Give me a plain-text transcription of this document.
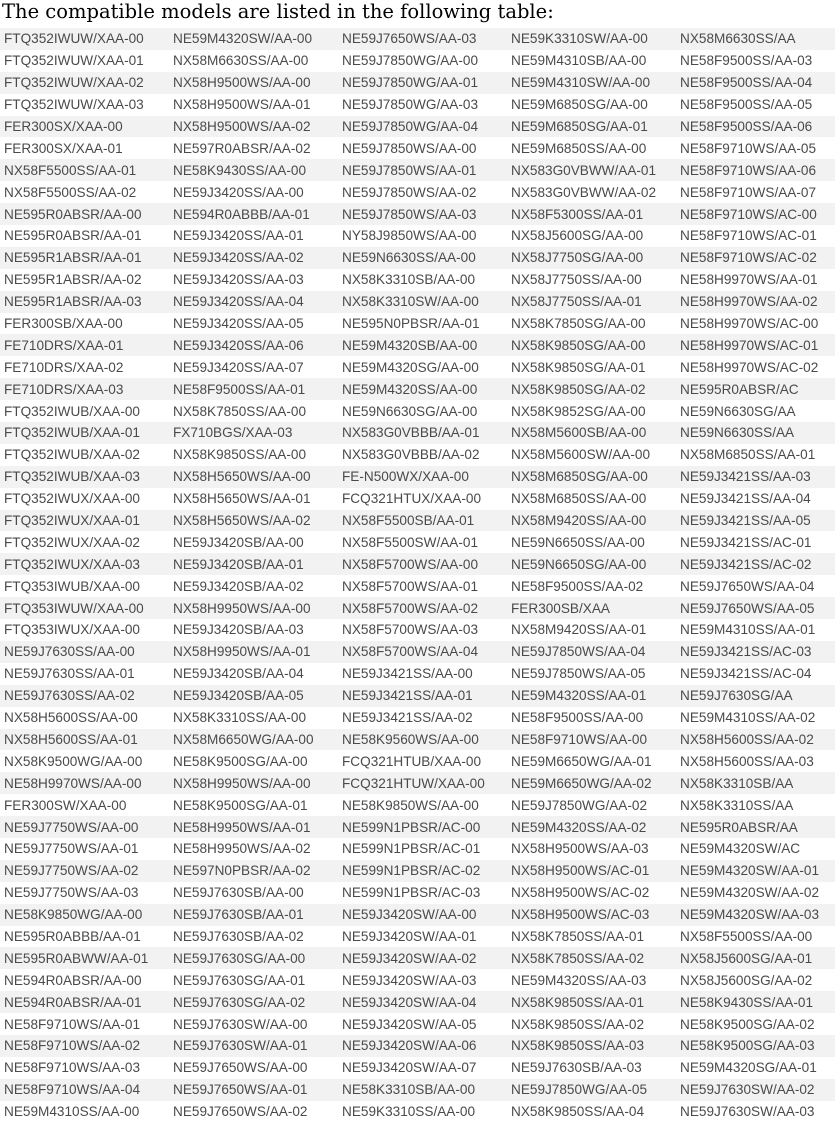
The compatible models are listed in the following table:
FTQ352IWUW/XAA-00	NE59M4320SW/AA-00	NE59J7650WS/AA-03	NE59K3310SW/AA-00	NX58M6630SS/AA
FTQ352IWUW/XAA-01	NX58M6630SS/AA-00	NE59J7850WG/AA-00	NE59M4310SB/AA-00	NE58F9500SS/AA-03
FTQ352IWUW/XAA-02	NX58H9500WS/AA-00	NE59J7850WG/AA-01	NE59M4310SW/AA-00	NE58F9500SS/AA-04
FTQ352IWUW/XAA-03	NX58H9500WS/AA-01	NE59J7850WG/AA-03	NE59M6850SG/AA-00	NE58F9500SS/AA-05
FER300SX/XAA-00	NX58H9500WS/AA-02	NE59J7850WG/AA-04	NE59M6850SG/AA-01	NE58F9500SS/AA-06
FER300SX/XAA-01	NE597R0ABSR/AA-02	NE59J7850WS/AA-00	NE59M6850SS/AA-00	NE58F9710WS/AA-05
NX58F5500SS/AA-01	NE58K9430SS/AA-00	NE59J7850WS/AA-01	NX583G0VBWW/AA-01	NE58F9710WS/AA-06
NX58F5500SS/AA-02	NE59J3420SS/AA-00	NE59J7850WS/AA-02	NX583G0VBWW/AA-02	NE58F9710WS/AA-07
NE595R0ABSR/AA-00	NE594R0ABBB/AA-01	NE59J7850WS/AA-03	NX58F5300SS/AA-01	NE58F9710WS/AC-00
NE595R0ABSR/AA-01	NE59J3420SS/AA-01	NY58J9850WS/AA-00	NX58J5600SG/AA-00	NE58F9710WS/AC-01
NE595R1ABSR/AA-01	NE59J3420SS/AA-02	NE59N6630SS/AA-00	NX58J7750SG/AA-00	NE58F9710WS/AC-02
NE595R1ABSR/AA-02	NE59J3420SS/AA-03	NX58K3310SB/AA-00	NX58J7750SS/AA-00	NE58H9970WS/AA-01
NE595R1ABSR/AA-03	NE59J3420SS/AA-04	NX58K3310SW/AA-00	NX58J7750SS/AA-01	NE58H9970WS/AA-02
FER300SB/XAA-00	NE59J3420SS/AA-05	NE595N0PBSR/AA-01	NX58K7850SG/AA-00	NE58H9970WS/AC-00
FE710DRS/XAA-01	NE59J3420SS/AA-06	NE59M4320SB/AA-00	NX58K9850SG/AA-00	NE58H9970WS/AC-01
FE710DRS/XAA-02	NE59J3420SS/AA-07	NE59M4320SG/AA-00	NX58K9850SG/AA-01	NE58H9970WS/AC-02
FE710DRS/XAA-03	NE58F9500SS/AA-01	NE59M4320SS/AA-00	NX58K9850SG/AA-02	NE595R0ABSR/AC
FTQ352IWUB/XAA-00	NX58K7850SS/AA-00	NE59N6630SG/AA-00	NX58K9852SG/AA-00	NE59N6630SG/AA
FTQ352IWUB/XAA-01	FX710BGS/XAA-03	NX583G0VBBB/AA-01	NX58M5600SB/AA-00	NE59N6630SS/AA
FTQ352IWUB/XAA-02	NX58K9850SS/AA-00	NX583G0VBBB/AA-02	NX58M5600SW/AA-00	NX58M6850SS/AA-01
FTQ352IWUB/XAA-03	NX58H5650WS/AA-00	FE-N500WX/XAA-00	NX58M6850SG/AA-00	NE59J3421SS/AA-03
FTQ352IWUX/XAA-00	NX58H5650WS/AA-01	FCQ321HTUX/XAA-00	NX58M6850SS/AA-00	NE59J3421SS/AA-04
FTQ352IWUX/XAA-01	NX58H5650WS/AA-02	NX58F5500SB/AA-01	NX58M9420SS/AA-00	NE59J3421SS/AA-05
FTQ352IWUX/XAA-02	NE59J3420SB/AA-00	NX58F5500SW/AA-01	NE59N6650SS/AA-00	NE59J3421SS/AC-01
FTQ352IWUX/XAA-03	NE59J3420SB/AA-01	NX58F5700WS/AA-00	NE59N6650SG/AA-00	NE59J3421SS/AC-02
FTQ353IWUB/XAA-00	NE59J3420SB/AA-02	NX58F5700WS/AA-01	NE58F9500SS/AA-02	NE59J7650WS/AA-04
FTQ353IWUW/XAA-00	NX58H9950WS/AA-00	NX58F5700WS/AA-02	FER300SB/XAA	NE59J7650WS/AA-05
FTQ353IWUX/XAA-00	NE59J3420SB/AA-03	NX58F5700WS/AA-03	NX58M9420SS/AA-01	NE59M4310SS/AA-01
NE59J7630SS/AA-00	NX58H9950WS/AA-01	NX58F5700WS/AA-04	NE59J7850WS/AA-04	NE59J3421SS/AC-03
NE59J7630SS/AA-01	NE59J3420SB/AA-04	NE59J3421SS/AA-00	NE59J7850WS/AA-05	NE59J3421SS/AC-04
NE59J7630SS/AA-02	NE59J3420SB/AA-05	NE59J3421SS/AA-01	NE59M4320SS/AA-01	NE59J7630SG/AA
NX58H5600SS/AA-00	NX58K3310SS/AA-00	NE59J3421SS/AA-02	NE58F9500SS/AA-00	NE59M4310SS/AA-02
NX58H5600SS/AA-01	NX58M6650WG/AA-00	NE58K9560WS/AA-00	NE58F9710WS/AA-00	NX58H5600SS/AA-02
NX58K9500WG/AA-00	NE58K9500SG/AA-00	FCQ321HTUB/XAA-00	NE59M6650WG/AA-01	NX58H5600SS/AA-03
NE58H9970WS/AA-00	NX58H9950WS/AA-00	FCQ321HTUW/XAA-00	NE59M6650WG/AA-02	NX58K3310SB/AA
FER300SW/XAA-00	NE58K9500SG/AA-01	NE58K9850WS/AA-00	NE59J7850WG/AA-02	NX58K3310SS/AA
NE59J7750WS/AA-00	NE58H9950WS/AA-01	NE599N1PBSR/AC-00	NE59M4320SS/AA-02	NE595R0ABSR/AA
NE59J7750WS/AA-01	NE58H9950WS/AA-02	NE599N1PBSR/AC-01	NX58H9500WS/AA-03	NE59M4320SW/AC
NE59J7750WS/AA-02	NE597N0PBSR/AA-02	NE599N1PBSR/AC-02	NX58H9500WS/AC-01	NE59M4320SW/AA-01
NE59J7750WS/AA-03	NE59J7630SB/AA-00	NE599N1PBSR/AC-03	NX58H9500WS/AC-02	NE59M4320SW/AA-02
NE58K9850WG/AA-00	NE59J7630SB/AA-01	NE59J3420SW/AA-00	NX58H9500WS/AC-03	NE59M4320SW/AA-03
NE595R0ABBB/AA-01	NE59J7630SB/AA-02	NE59J3420SW/AA-01	NX58K7850SS/AA-01	NX58F5500SS/AA-00
NE595R0ABWW/AA-01	NE59J7630SG/AA-00	NE59J3420SW/AA-02	NX58K7850SS/AA-02	NX58J5600SG/AA-01
NE594R0ABSR/AA-00	NE59J7630SG/AA-01	NE59J3420SW/AA-03	NE59M4320SS/AA-03	NX58J5600SG/AA-02
NE594R0ABSR/AA-01	NE59J7630SG/AA-02	NE59J3420SW/AA-04	NX58K9850SS/AA-01	NE58K9430SS/AA-01
NE58F9710WS/AA-01	NE59J7630SW/AA-00	NE59J3420SW/AA-05	NX58K9850SS/AA-02	NE58K9500SG/AA-02
NE58F9710WS/AA-02	NE59J7630SW/AA-01	NE59J3420SW/AA-06	NX58K9850SS/AA-03	NE58K9500SG/AA-03
NE58F9710WS/AA-03	NE59J7650WS/AA-00	NE59J3420SW/AA-07	NE59J7630SB/AA-03	NE59M4320SG/AA-01
NE58F9710WS/AA-04	NE59J7650WS/AA-01	NE58K3310SB/AA-00	NE59J7850WG/AA-05	NE59J7630SW/AA-02
NE59M4310SS/AA-00	NE59J7650WS/AA-02	NE59K3310SS/AA-00	NX58K9850SS/AA-04	NE59J7630SW/AA-03
